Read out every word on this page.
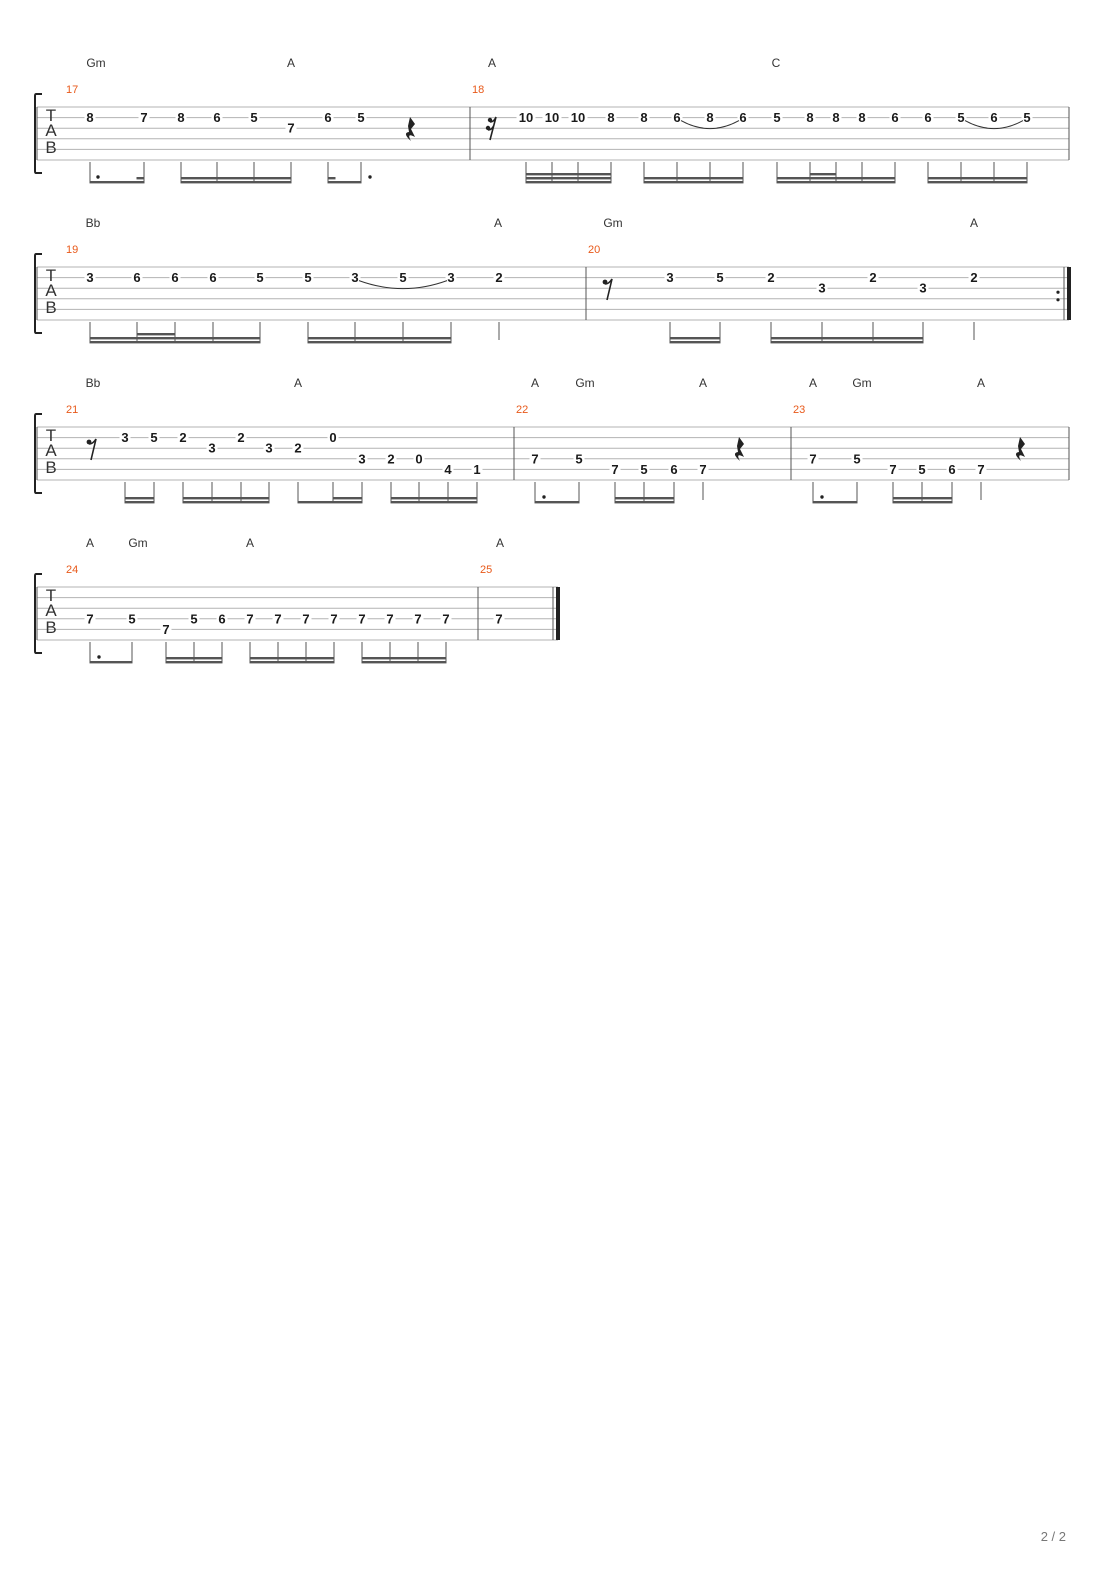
T
A
B
Gm	A	A	C
17
8	7 8 6 5
7
6 5
18
10 10 10 8 8 6 8 6 5 8 8 8 6 6 5 6 5
T
A
B
Bb	A	Gm	A
19
3	6 6 6	5	5	3	5	3	2
20
3	5	2
3
2
3
2
T
A
B
Bb	A	A	Gm	A	A	Gm	A
21
3 5 2
3
2
3 2
0
3 2 0
4 1
22
7	5
7 5 6 7
23
7	5
7 5 6 7
T
A
B
A	Gm	A	A
24
7	5
7
5 6 7 7 7 7 7 7 7 7
25
7
2 / 2
